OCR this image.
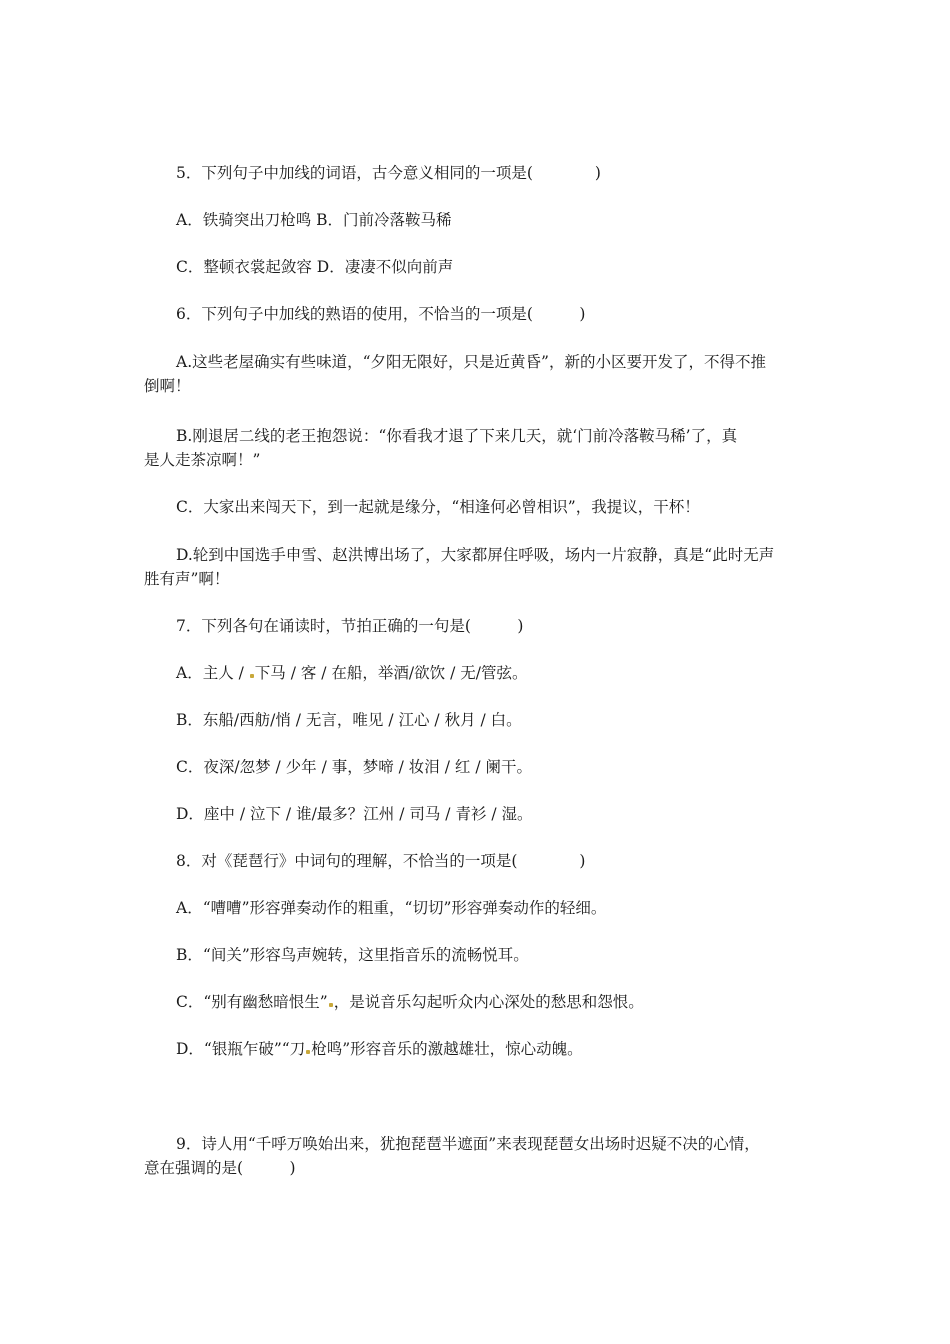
5．下列句子中加线的词语，古今意义相同的一项是(　　　　)
A．铁骑突出刀枪鸣 B．门前冷落鞍马稀
C．整顿衣裳起敛容 D．凄凄不似向前声
6．下列句子中加线的熟语的使用，不恰当的一项是(　　　)
A.这些老屋确实有些味道，“夕阳无限好，只是近黄昏”，新的小区要开发了，不得不推
倒啊！
B.刚退居二线的老王抱怨说：“你看我才退了下来几天，就‘门前冷落鞍马稀’了，真
是人走茶凉啊！”
C．大家出来闯天下，到一起就是缘分，“相逢何必曾相识”，我提议，干杯！
D.轮到中国选手申雪、赵洪博出场了，大家都屏住呼吸，场内一片寂静，真是“此时无声
胜有声”啊！
7．下列各句在诵读时，节拍正确的一句是(　　　)
A．主人 / 下马 / 客 / 在船，举酒/欲饮 / 无/管弦。
B．东船/西舫/悄 / 无言，唯见 / 江心 / 秋月 / 白。
C．夜深/忽梦 / 少年 / 事，梦啼 / 妆泪 / 红 / 阑干。
D．座中 / 泣下 / 谁/最多？江州 / 司马 / 青衫 / 湿。
8．对《琵琶行》中词句的理解，不恰当的一项是(　　　　)
A．“嘈嘈”形容弹奏动作的粗重，“切切”形容弹奏动作的轻细。
B．“间关”形容鸟声婉转，这里指音乐的流畅悦耳。
C．“别有幽愁暗恨生” ，是说音乐勾起听众内心深处的愁思和怨恨。
D．“银瓶乍破”“刀 枪鸣”形容音乐的激越雄壮，惊心动魄。
9．诗人用“千呼万唤始出来，犹抱琵琶半遮面”来表现琵琶女出场时迟疑不决的心情，
意在强调的是(　　　)
